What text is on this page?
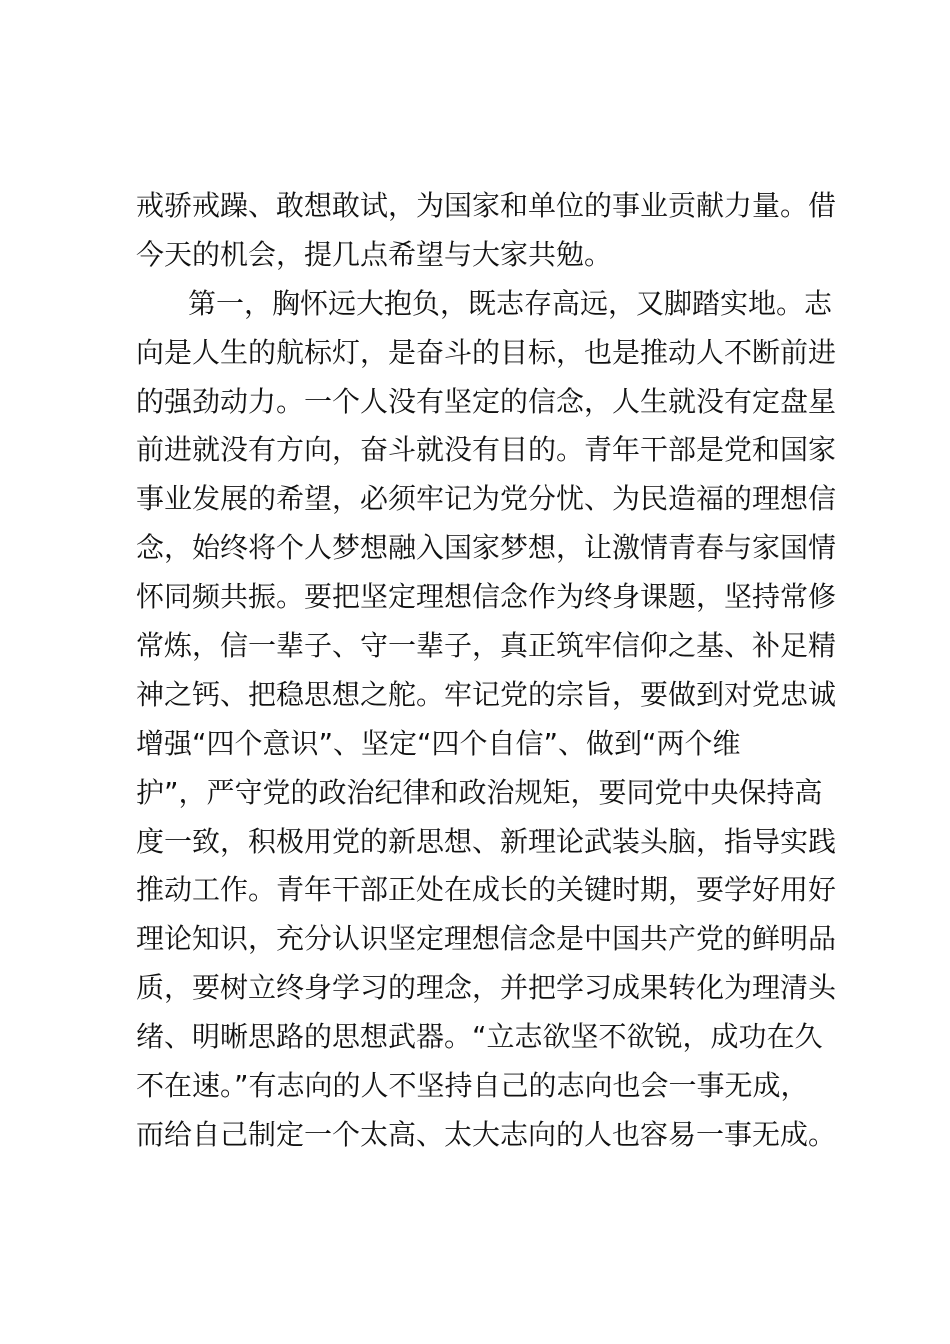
戒骄戒躁、敢想敢试，为国家和单位的事业贡献力量。借
今天的机会，提几点希望与大家共勉。
第一，胸怀远大抱负，既志存高远，又脚踏实地。志
向是人生的航标灯，是奋斗的目标，也是推动人不断前进
的强劲动力。一个人没有坚定的信念，人生就没有定盘星
前进就没有方向，奋斗就没有目的。青年干部是党和国家
事业发展的希望，必须牢记为党分忧、为民造福的理想信
念，始终将个人梦想融入国家梦想，让激情青春与家国情
怀同频共振。要把坚定理想信念作为终身课题，坚持常修
常炼，信一辈子、守一辈子，真正筑牢信仰之基、补足精
神之钙、把稳思想之舵。牢记党的宗旨，要做到对党忠诚
增强“四个意识”、坚定“四个自信”、做到“两个维
护”，严守党的政治纪律和政治规矩，要同党中央保持高
度一致，积极用党的新思想、新理论武装头脑，指导实践
推动工作。青年干部正处在成长的关键时期，要学好用好
理论知识，充分认识坚定理想信念是中国共产党的鲜明品
质，要树立终身学习的理念，并把学习成果转化为理清头
绪、明晰思路的思想武器。“立志欲坚不欲锐，成功在久
不在速。”有志向的人不坚持自己的志向也会一事无成，
而给自己制定一个太高、太大志向的人也容易一事无成。
